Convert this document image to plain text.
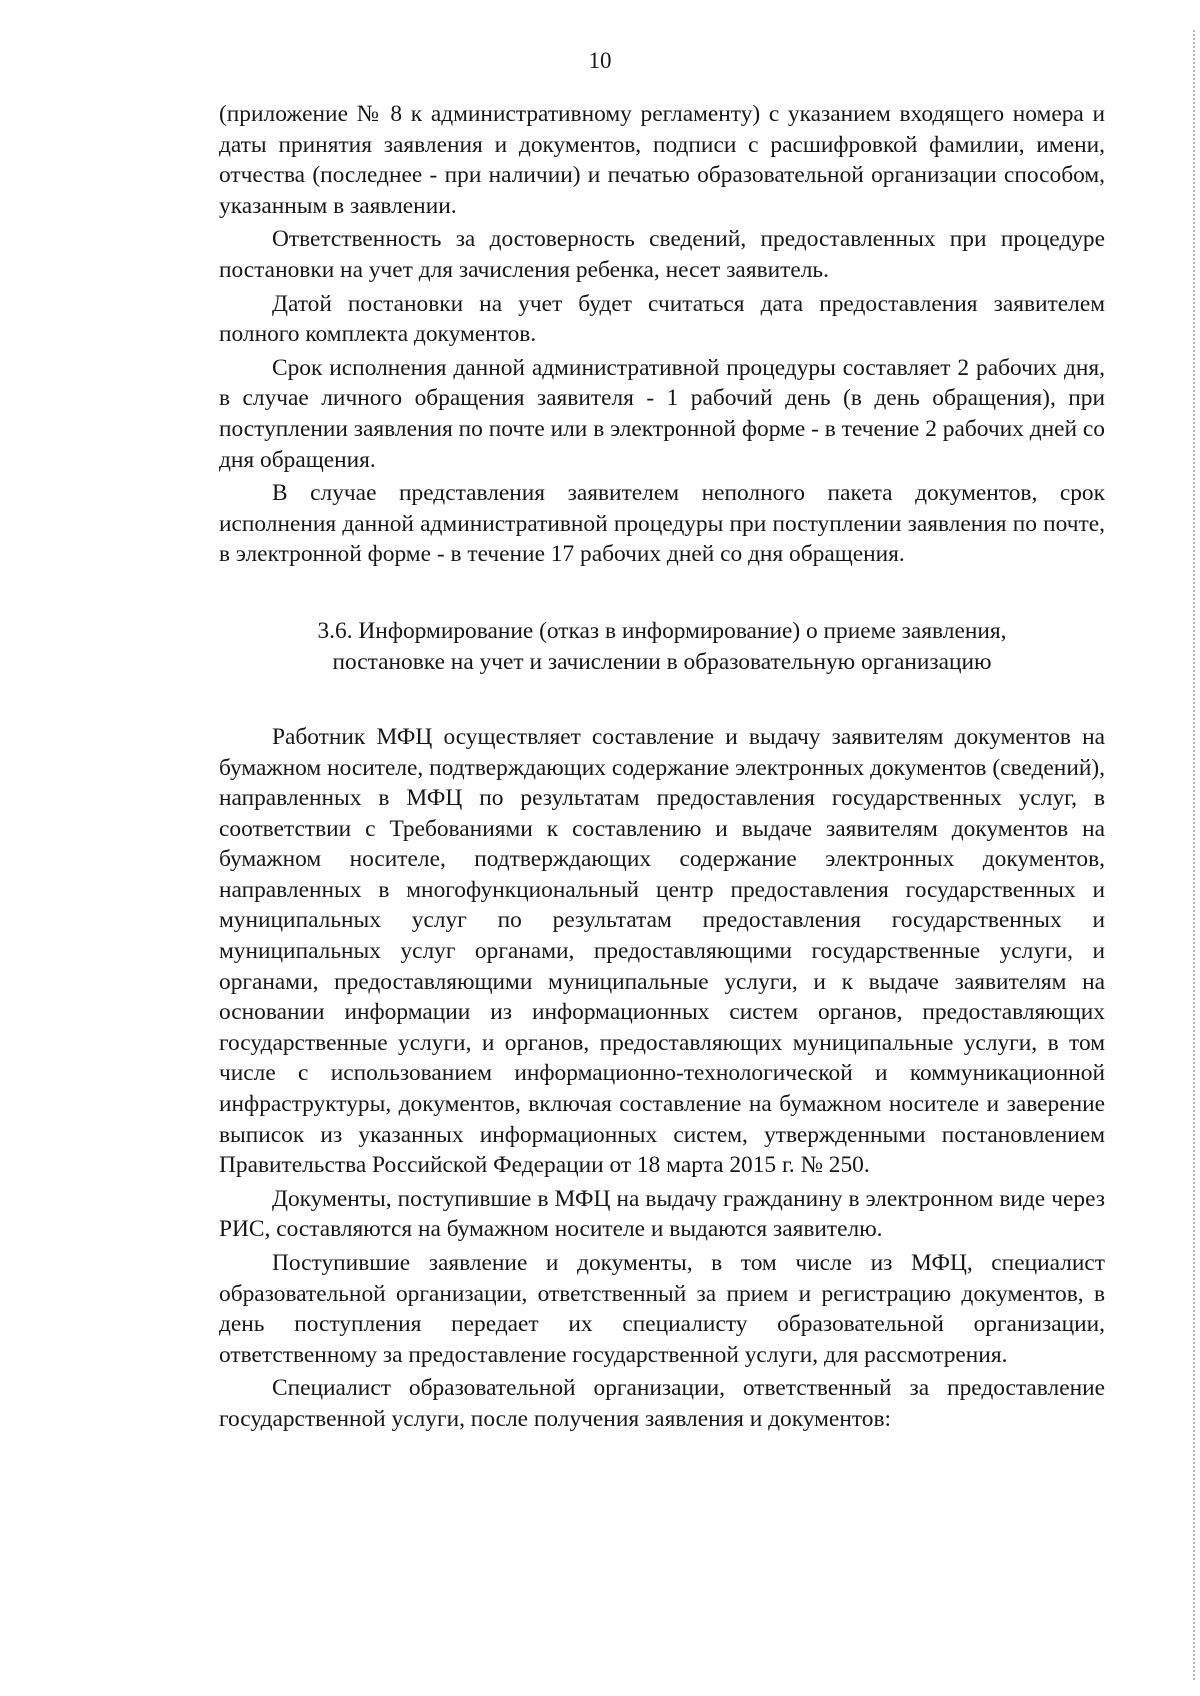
10

(приложение № 8 к административному регламенту) с указанием входящего номера и даты принятия заявления и документов, подписи с расшифровкой фамилии, имени, отчества (последнее - при наличии) и печатью образовательной организации способом, указанным в заявлении.

Ответственность за достоверность сведений, предоставленных при процедуре постановки на учет для зачисления ребенка, несет заявитель.

Датой постановки на учет будет считаться дата предоставления заявителем полного комплекта документов.

Срок исполнения данной административной процедуры составляет 2 рабочих дня, в случае личного обращения заявителя - 1 рабочий день (в день обращения), при поступлении заявления по почте или в электронной форме - в течение 2 рабочих дней со дня обращения.

В случае представления заявителем неполного пакета документов, срок исполнения данной административной процедуры при поступлении заявления по почте, в электронной форме - в течение 17 рабочих дней со дня обращения.

3.6. Информирование (отказ в информирование) о приеме заявления, постановке на учет и зачислении в образовательную организацию

Работник МФЦ осуществляет составление и выдачу заявителям документов на бумажном носителе, подтверждающих содержание электронных документов (сведений), направленных в МФЦ по результатам предоставления государственных услуг, в соответствии с Требованиями к составлению и выдаче заявителям документов на бумажном носителе, подтверждающих содержание электронных документов, направленных в многофункциональный центр предоставления государственных и муниципальных услуг по результатам предоставления государственных и муниципальных услуг органами, предоставляющими государственные услуги, и органами, предоставляющими муниципальные услуги, и к выдаче заявителям на основании информации из информационных систем органов, предоставляющих государственные услуги, и органов, предоставляющих муниципальные услуги, в том числе с использованием информационно-технологической и коммуникационной инфраструктуры, документов, включая составление на бумажном носителе и заверение выписок из указанных информационных систем, утвержденными постановлением Правительства Российской Федерации от 18 марта 2015 г. № 250.

Документы, поступившие в МФЦ на выдачу гражданину в электронном виде через РИС, составляются на бумажном носителе и выдаются заявителю.

Поступившие заявление и документы, в том числе из МФЦ, специалист образовательной организации, ответственный за прием и регистрацию документов, в день поступления передает их специалисту образовательной организации, ответственному за предоставление государственной услуги, для рассмотрения.

Специалист образовательной организации, ответственный за предоставление государственной услуги, после получения заявления и документов:
